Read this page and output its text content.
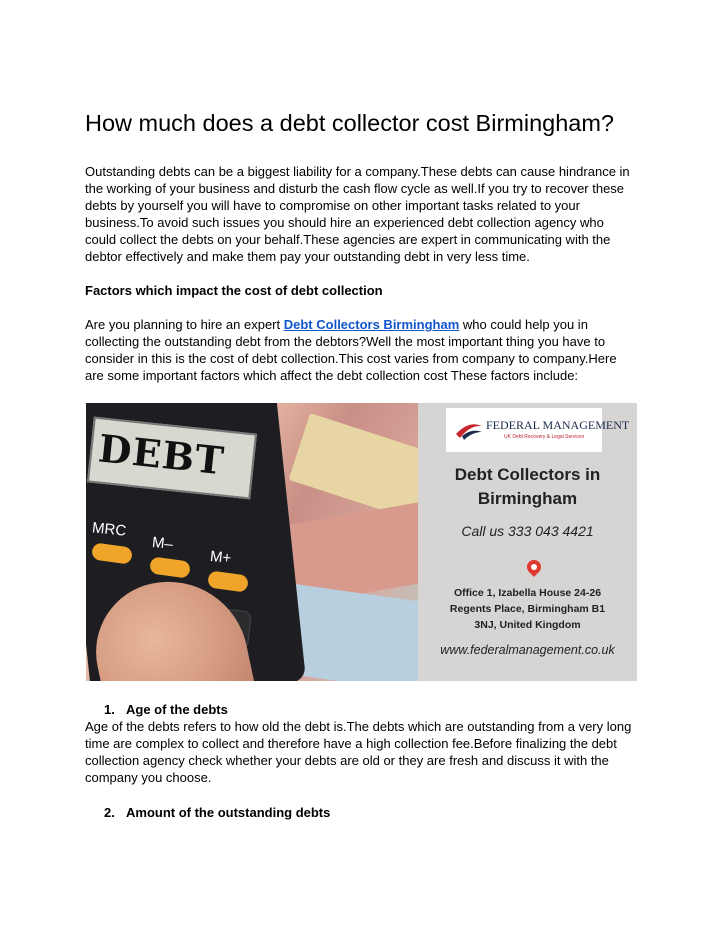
How much does a debt collector cost Birmingham?
Outstanding debts can be a biggest liability for a company.These debts can cause hindrance in
the working of your business and disturb the cash flow cycle as well.If you try to recover these
debts by yourself you will have to compromise on other important tasks related to your
business.To avoid such issues you should hire an experienced debt collection agency who
could collect the debts on your behalf.These agencies are expert in communicating with the
debtor effectively and make them pay your outstanding debt in very less time.
Factors which impact the cost of debt collection
Are you planning to hire an expert Debt Collectors Birmingham who could help you in
collecting the outstanding debt from the debtors?Well the most important thing you have to
consider in this is the cost of debt collection.This cost varies from company to company.Here
are some important factors which affect the debt collection cost These factors include:
DEBT
MRC
M–
M+
FEDERAL MANAGEMENT
UK Debt Recovery & Legal Services
Debt Collectors in
Birmingham
Call us 333 043 4421
Office 1, Izabella House 24-26
Regents Place, Birmingham B1
3NJ, United Kingdom
www.federalmanagement.co.uk
1. Age of the debts
Age of the debts refers to how old the debt is.The debts which are outstanding from a very long
time are complex to collect and therefore have a high collection fee.Before finalizing the debt
collection agency check whether your debts are old or they are fresh and discuss it with the
company you choose.
2. Amount of the outstanding debts
